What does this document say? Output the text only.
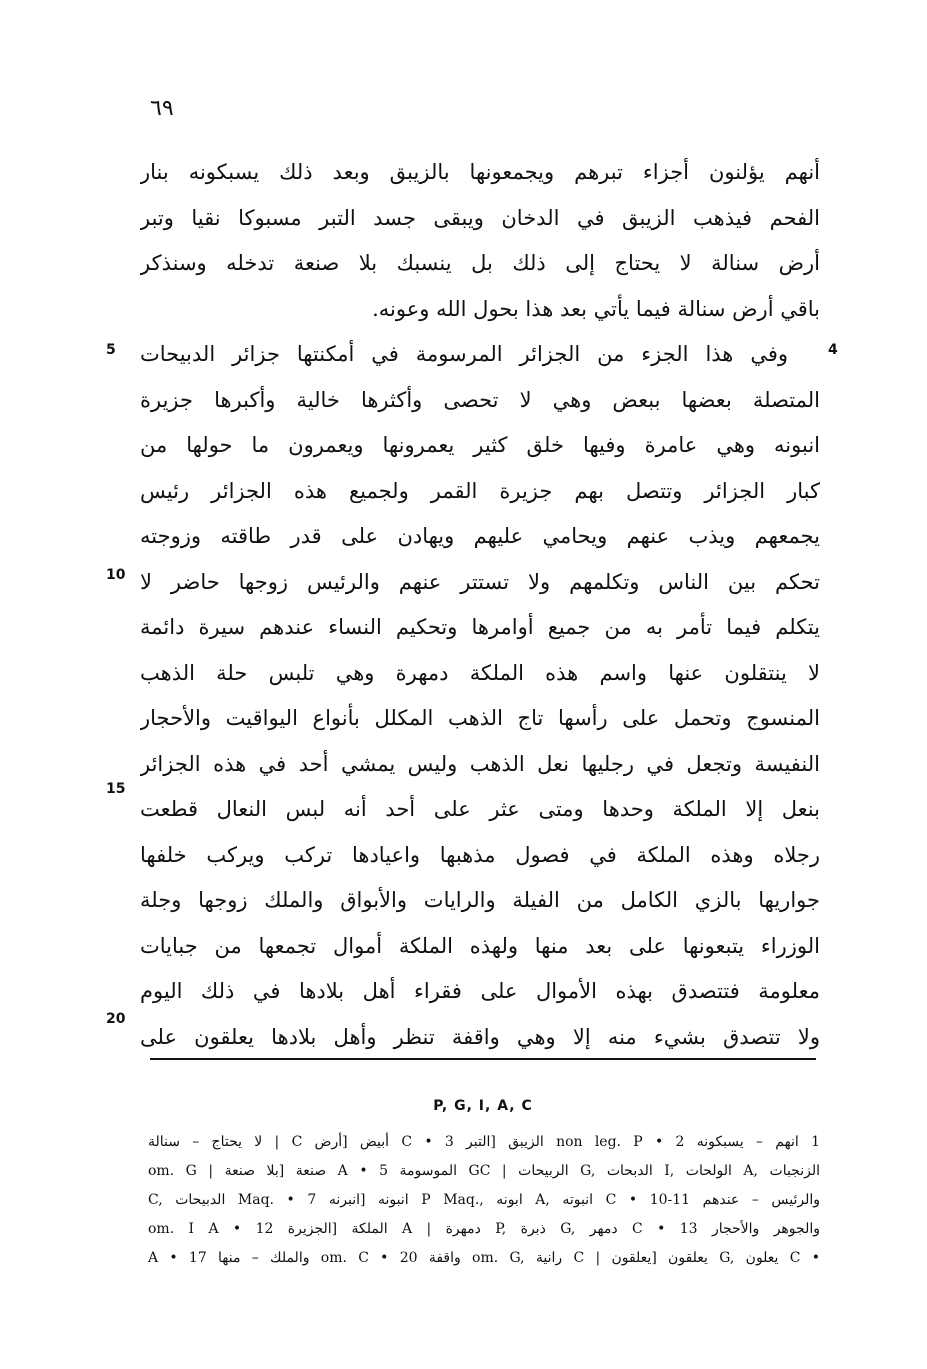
٦٩
أنهم يؤلنون أجزاء تبرهم ويجمعونها بالزيبق وبعد ذلك يسبكونه بنار
الفحم فيذهب الزيبق في الدخان ويبقى جسد التبر مسبوكا نقيا وتبر
أرض سنالة لا يحتاج إلى ذلك بل ينسبك بلا صنعة تدخله وسنذكر
باقي أرض سنالة فيما يأتي بعد هذا بحول الله وعونه.
وفي هذا الجزء من الجزائر المرسومة في أمكنتها جزائر الدبيحات
المتصلة بعضها ببعض وهي لا تحصى وأكثرها خالية وأكبرها جزيرة
انبونه وهي عامرة وفيها خلق كثير يعمرونها ويعمرون ما حولها من
كبار الجزائر وتتصل بهم جزيرة القمر ولجميع هذه الجزائر رئيس
يجمعهم ويذب عنهم ويحامي عليهم ويهادن على قدر طاقته وزوجته
تحكم بين الناس وتكلمهم ولا تستتر عنهم والرئيس زوجها حاضر لا
يتكلم فيما تأمر به من جميع أوامرها وتحكيم النساء عندهم سيرة دائمة
لا ينتقلون عنها واسم هذه الملكة دمهرة وهي تلبس حلة الذهب
المنسوج وتحمل على رأسها تاج الذهب المكلل بأنواع اليواقيت والأحجار
النفيسة وتجعل في رجليها نعل الذهب وليس يمشي أحد في هذه الجزائر
بنعل إلا الملكة وحدها ومتى عثر على أحد أنه لبس النعال قطعت
رجلاه وهذه الملكة في فصول مذهبها واعيادها تركب ويركب خلفها
جواريها بالزي الكامل من الفيلة والرايات والأبواق والملك زوجها وجلة
الوزراء يتبعونها على بعد منها ولهذه الملكة أموال تجمعها من جبايات
معلومة فتتصدق بهذه الأموال على فقراء أهل بلادها في ذلك اليوم
ولا تتصدق بشيء منه إلا وهي واقفة تنظر وأهل بلادها يعلقون على
4
5
10
15
20
P, G, I, A, C
1 انهم – يسبكونه non leg. P • 2 الزيبق [التبر C • 3 أبيض [أرض C | لا يحتاج – سنالة
om. G | صنعة [بلا صنعة A • 5 الموسومة GC | الربيحات G, الدبحات I, الولحات A, الزنجبات
C, الدبيحات Maq. • 7 انبونه [انبرنه P Maq., ابونه A, انبوته C • 10-11 والرئيس – عندهم
om. I A • 12 الملكة [الجزيرة A | دمهرة P, ذبرة G, دمهر C • 13 والجوهر والأحجار
A • 17 والملك – منها om. C • 20 واقفة om. G, رانية C | يعلقون [يعلقون G, يعلون C •
